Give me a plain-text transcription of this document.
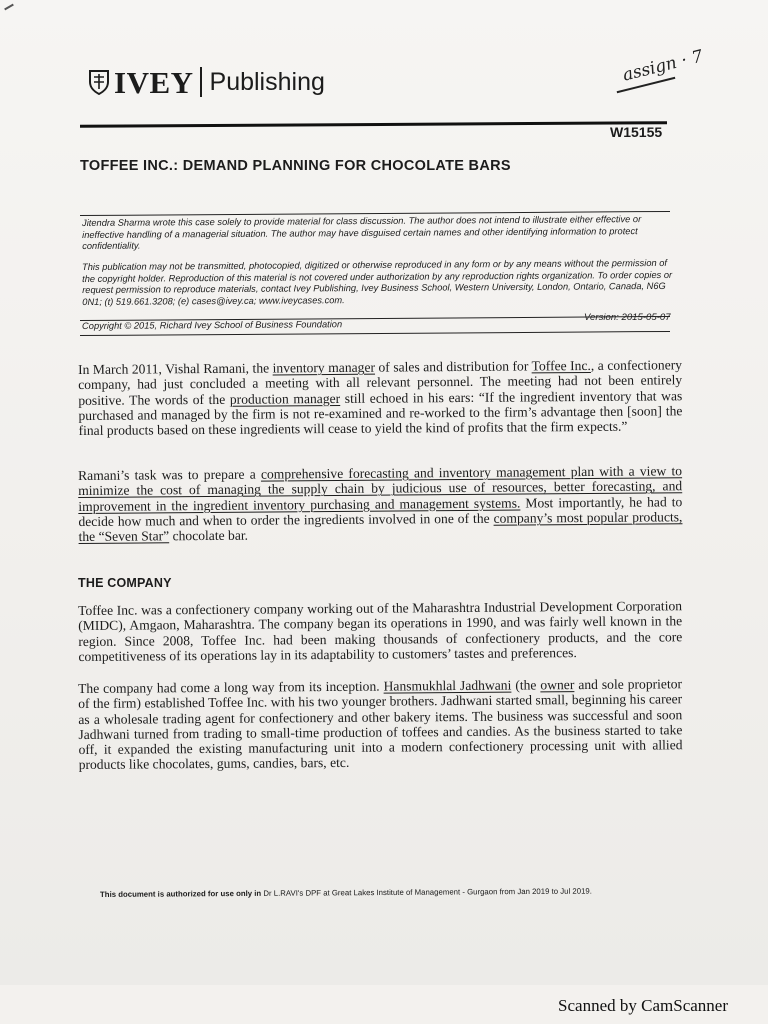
IVEY Publishing	assign · 7
W15155
TOFFEE INC.: DEMAND PLANNING FOR CHOCOLATE BARS
Jitendra Sharma wrote this case solely to provide material for class discussion. The author does not intend to illustrate either effective or ineffective handling of a managerial situation. The author may have disguised certain names and other identifying information to protect confidentiality.
This publication may not be transmitted, photocopied, digitized or otherwise reproduced in any form or by any means without the permission of the copyright holder. Reproduction of this material is not covered under authorization by any reproduction rights organization. To order copies or request permission to reproduce materials, contact Ivey Publishing, Ivey Business School, Western University, London, Ontario, Canada, N6G 0N1; (t) 519.661.3208; (e) cases@ivey.ca; www.iveycases.com.
Version: 2015-05-07
Copyright © 2015, Richard Ivey School of Business Foundation
In March 2011, Vishal Ramani, the inventory manager of sales and distribution for Toffee Inc., a confectionery company, had just concluded a meeting with all relevant personnel. The meeting had not been entirely positive. The words of the production manager still echoed in his ears: “If the ingredient inventory that was purchased and managed by the firm is not re-examined and re-worked to the firm’s advantage then [soon] the final products based on these ingredients will cease to yield the kind of profits that the firm expects.”
Ramani’s task was to prepare a comprehensive forecasting and inventory management plan with a view to minimize the cost of managing the supply chain by judicious use of resources, better forecasting, and improvement in the ingredient inventory purchasing and management systems. Most importantly, he had to decide how much and when to order the ingredients involved in one of the company’s most popular products, the “Seven Star” chocolate bar.
THE COMPANY
Toffee Inc. was a confectionery company working out of the Maharashtra Industrial Development Corporation (MIDC), Amgaon, Maharashtra. The company began its operations in 1990, and was fairly well known in the region. Since 2008, Toffee Inc. had been making thousands of confectionery products, and the core competitiveness of its operations lay in its adaptability to customers’ tastes and preferences.
The company had come a long way from its inception. Hansmukhlal Jadhwani (the owner and sole proprietor of the firm) established Toffee Inc. with his two younger brothers. Jadhwani started small, beginning his career as a wholesale trading agent for confectionery and other bakery items. The business was successful and soon Jadhwani turned from trading to small-time production of toffees and candies. As the business started to take off, it expanded the existing manufacturing unit into a modern confectionery processing unit with allied products like chocolates, gums, candies, bars, etc.
This document is authorized for use only in Dr L.RAVI's DPF at Great Lakes Institute of Management - Gurgaon from Jan 2019 to Jul 2019.
Scanned by CamScanner
